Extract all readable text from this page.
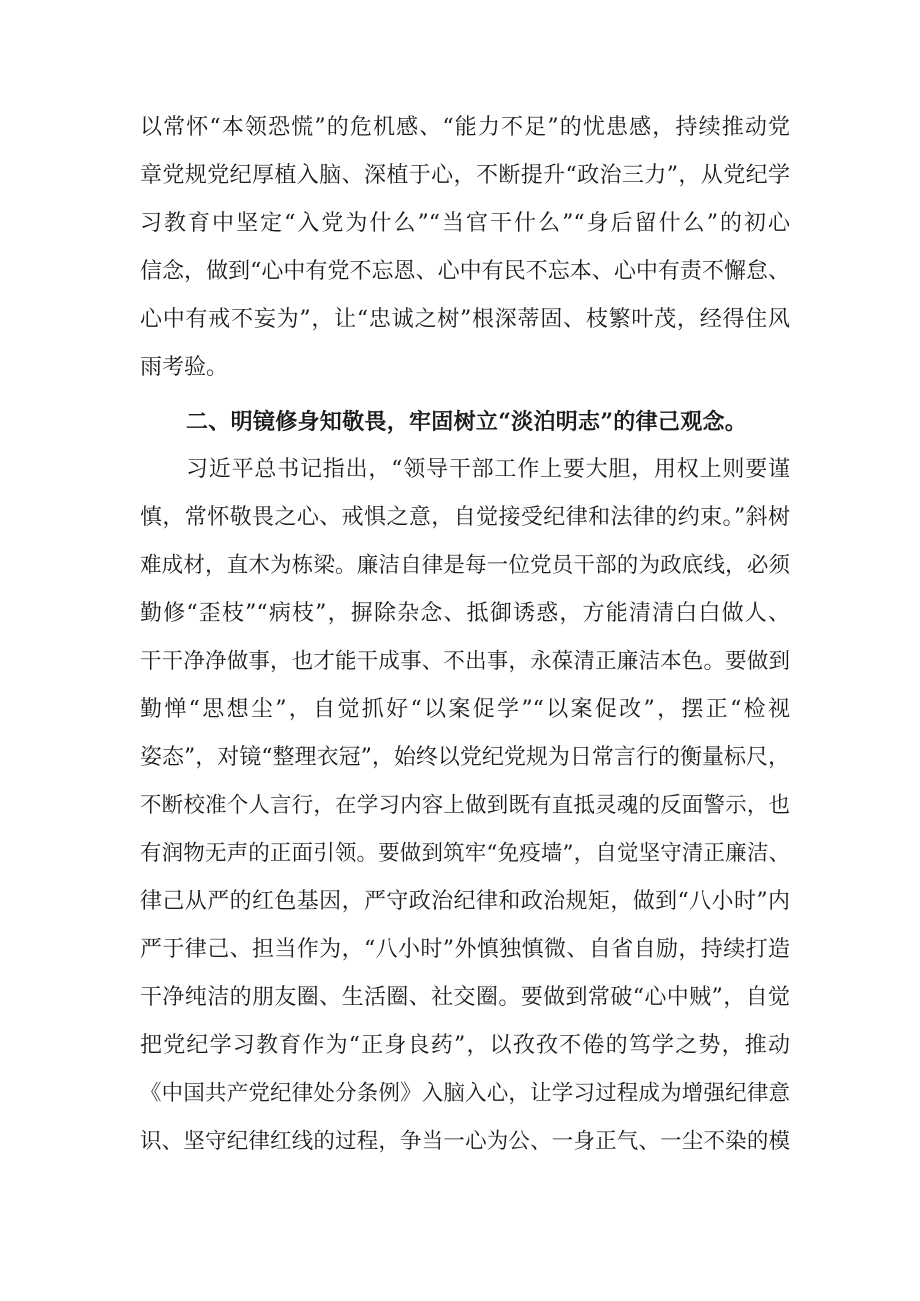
以常怀“本领恐慌”的危机感、“能力不足”的忧患感，持续推动党
章党规党纪厚植入脑、深植于心，不断提升“政治三力”，从党纪学
习教育中坚定“入党为什么”“当官干什么”“身后留什么”的初心
信念，做到“心中有党不忘恩、心中有民不忘本、心中有责不懈怠、
心中有戒不妄为”，让“忠诚之树”根深蒂固、枝繁叶茂，经得住风
雨考验。
二、明镜修身知敬畏，牢固树立“淡泊明志”的律己观念。
习近平总书记指出，“领导干部工作上要大胆，用权上则要谨
慎，常怀敬畏之心、戒惧之意，自觉接受纪律和法律的约束。”斜树
难成材，直木为栋梁。廉洁自律是每一位党员干部的为政底线，必须
勤修“歪枝”“病枝”，摒除杂念、抵御诱惑，方能清清白白做人、
干干净净做事，也才能干成事、不出事，永葆清正廉洁本色。要做到
勤惮“思想尘”，自觉抓好“以案促学”“以案促改”，摆正“检视
姿态”，对镜“整理衣冠”，始终以党纪党规为日常言行的衡量标尺，
不断校准个人言行，在学习内容上做到既有直抵灵魂的反面警示，也
有润物无声的正面引领。要做到筑牢“免疫墙”，自觉坚守清正廉洁、
律己从严的红色基因，严守政治纪律和政治规矩，做到“八小时”内
严于律己、担当作为，“八小时”外慎独慎微、自省自励，持续打造
干净纯洁的朋友圈、生活圈、社交圈。要做到常破“心中贼”，自觉
把党纪学习教育作为“正身良药”，以孜孜不倦的笃学之势，推动
《中国共产党纪律处分条例》入脑入心，让学习过程成为增强纪律意
识、坚守纪律红线的过程，争当一心为公、一身正气、一尘不染的模
